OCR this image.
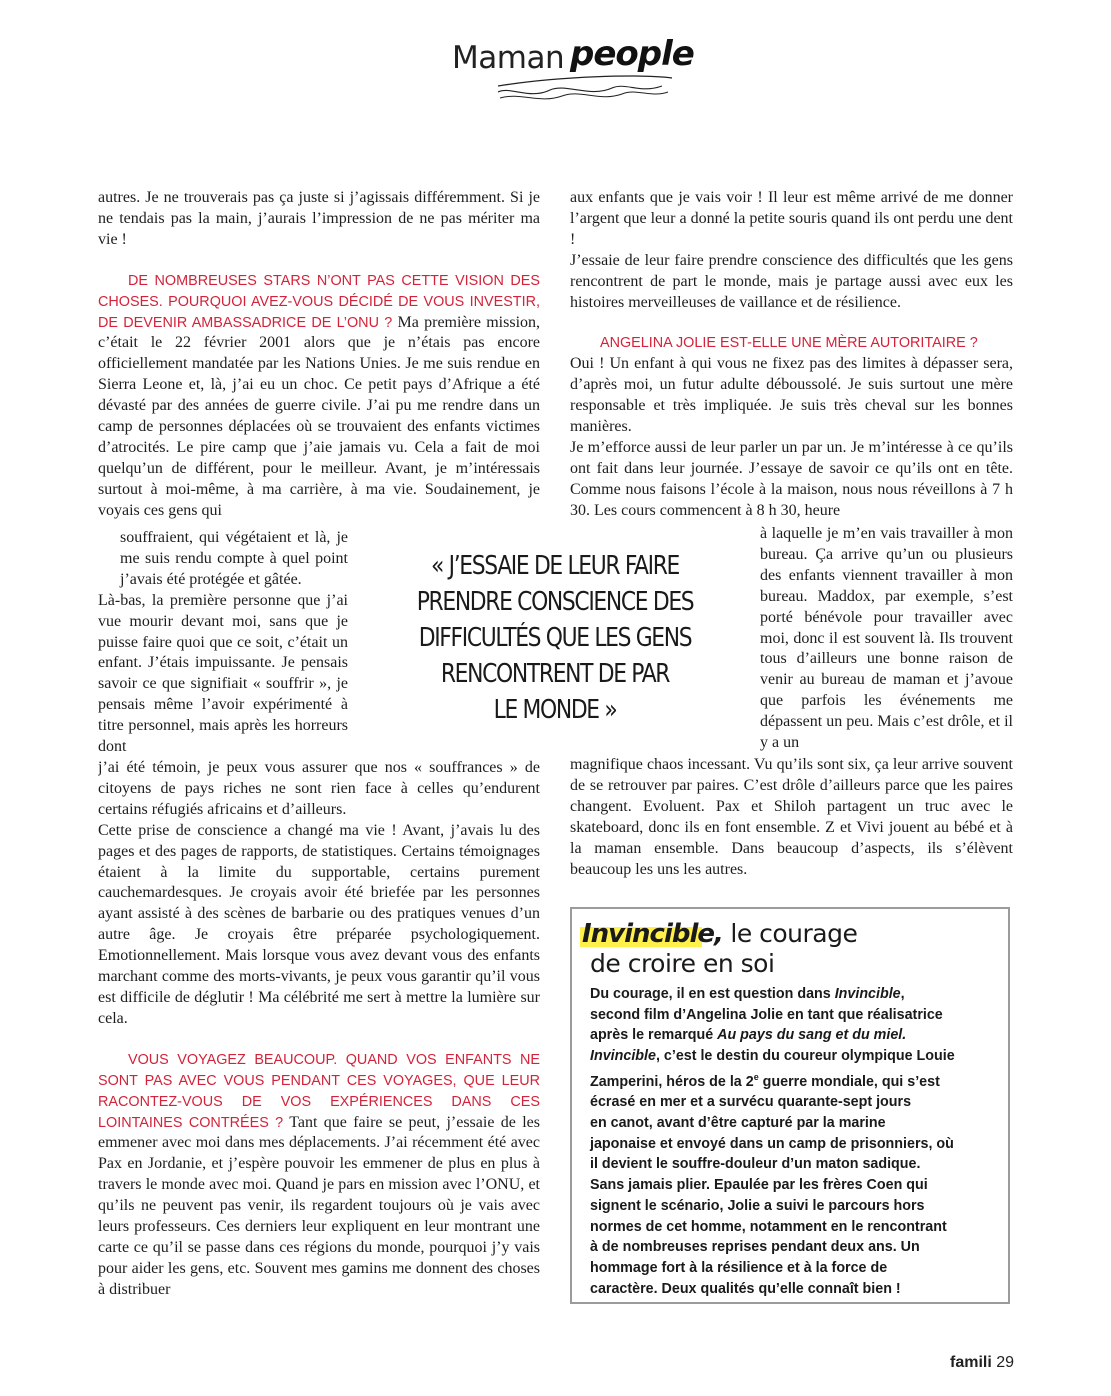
Maman people

autres. Je ne trouverais pas ça juste si j’agissais différemment. Si je ne tendais pas la main, j’aurais l’impression de ne pas mériter ma vie !

DE NOMBREUSES STARS N’ONT PAS CETTE VISION DES CHOSES. POURQUOI AVEZ-VOUS DÉCIDÉ DE VOUS INVESTIR, DE DEVENIR AMBASSADRICE DE L’ONU ? Ma première mission, c’était le 22 février 2001 alors que je n’étais pas encore officiellement mandatée par les Nations Unies. Je me suis rendue en Sierra Leone et, là, j’ai eu un choc. Ce petit pays d’Afrique a été dévasté par des années de guerre civile. J’ai pu me rendre dans un camp de personnes déplacées où se trouvaient des enfants victimes d’atrocités. Le pire camp que j’aie jamais vu. Cela a fait de moi quelqu’un de différent, pour le meilleur. Avant, je m’intéressais surtout à moi-même, à ma carrière, à ma vie. Soudainement, je voyais ces gens qui

souffraient, qui végétaient et là, je me suis rendu compte à quel point j’avais été protégée et gâtée.

Là-bas, la première personne que j’ai vue mourir devant moi, sans que je puisse faire quoi que ce soit, c’était un enfant. J’étais impuissante. Je pensais savoir ce que signifiait « souffrir », je pensais même l’avoir expérimenté à titre personnel, mais après les horreurs dont

j’ai été témoin, je peux vous assurer que nos « souffrances » de citoyens de pays riches ne sont rien face à celles qu’endurent certains réfugiés africains et d’ailleurs.

Cette prise de conscience a changé ma vie ! Avant, j’avais lu des pages et des pages de rapports, de statistiques. Certains témoignages étaient à la limite du supportable, certains purement cauchemardesques. Je croyais avoir été briefée par les personnes ayant assisté à des scènes de barbarie ou des pratiques venues d’un autre âge. Je croyais être préparée psychologiquement. Emotionnellement. Mais lorsque vous avez devant vous des enfants marchant comme des morts-vivants, je peux vous garantir qu’il vous est difficile de déglutir ! Ma célébrité me sert à mettre la lumière sur cela.

VOUS VOYAGEZ BEAUCOUP. QUAND VOS ENFANTS NE SONT PAS AVEC VOUS PENDANT CES VOYAGES, QUE LEUR RACONTEZ-VOUS DE VOS EXPÉRIENCES DANS CES LOINTAINES CONTRÉES ? Tant que faire se peut, j’essaie de les emmener avec moi dans mes déplacements. J’ai récemment été avec Pax en Jordanie, et j’espère pouvoir les emmener de plus en plus à travers le monde avec moi. Quand je pars en mission avec l’ONU, et qu’ils ne peuvent pas venir, ils regardent toujours où je vais avec leurs professeurs. Ces derniers leur expliquent en leur montrant une carte ce qu’il se passe dans ces régions du monde, pourquoi j’y vais pour aider les gens, etc. Souvent mes gamins me donnent des choses à distribuer

« J’ESSAIE DE LEUR FAIRE
PRENDRE CONSCIENCE DES
DIFFICULTÉS QUE LES GENS
RENCONTRENT DE PAR
LE MONDE »

aux enfants que je vais voir ! Il leur est même arrivé de me donner l’argent que leur a donné la petite souris quand ils ont perdu une dent !

J’essaie de leur faire prendre conscience des difficultés que les gens rencontrent de part le monde, mais je partage aussi avec eux les histoires merveilleuses de vaillance et de résilience.

ANGELINA JOLIE EST-ELLE UNE MÈRE AUTORITAIRE ?

Oui ! Un enfant à qui vous ne fixez pas des limites à dépasser sera, d’après moi, un futur adulte déboussolé. Je suis surtout une mère responsable et très impliquée. Je suis très cheval sur les bonnes manières.

Je m’efforce aussi de leur parler un par un. Je m’intéresse à ce qu’ils ont fait dans leur journée. J’essaye de savoir ce qu’ils ont en tête. Comme nous faisons l’école à la maison, nous nous réveillons à 7 h 30. Les cours commencent à 8 h 30, heure

à laquelle je m’en vais travailler à mon bureau. Ça arrive qu’un ou plusieurs des enfants viennent travailler à mon bureau. Maddox, par exemple, s’est porté bénévole pour travailler avec moi, donc il est souvent là. Ils trouvent tous d’ailleurs une bonne raison de venir au bureau de maman et j’avoue que parfois les événements me dépassent un peu. Mais c’est drôle, et il y a un

magnifique chaos incessant. Vu qu’ils sont six, ça leur arrive souvent de se retrouver par paires. C’est drôle d’ailleurs parce que les paires changent. Evoluent. Pax et Shiloh partagent un truc avec le skateboard, donc ils en font ensemble. Z et Vivi jouent au bébé et à la maman ensemble. Dans beaucoup d’aspects, ils s’élèvent beaucoup les uns les autres.

Invincible, le courage
de croire en soi
Du courage, il en est question dans Invincible,
second film d’Angelina Jolie en tant que réalisatrice
après le remarqué Au pays du sang et du miel.
Invincible, c’est le destin du coureur olympique Louie
Zamperini, héros de la 2e guerre mondiale, qui s’est
écrasé en mer et a survécu quarante-sept jours
en canot, avant d’être capturé par la marine
japonaise et envoyé dans un camp de prisonniers, où
il devient le souffre-douleur d’un maton sadique.
Sans jamais plier. Epaulée par les frères Coen qui
signent le scénario, Jolie a suivi le parcours hors
normes de cet homme, notamment en le rencontrant
à de nombreuses reprises pendant deux ans. Un
hommage fort à la résilience et à la force de
caractère. Deux qualités qu’elle connaît bien !
famili 29
